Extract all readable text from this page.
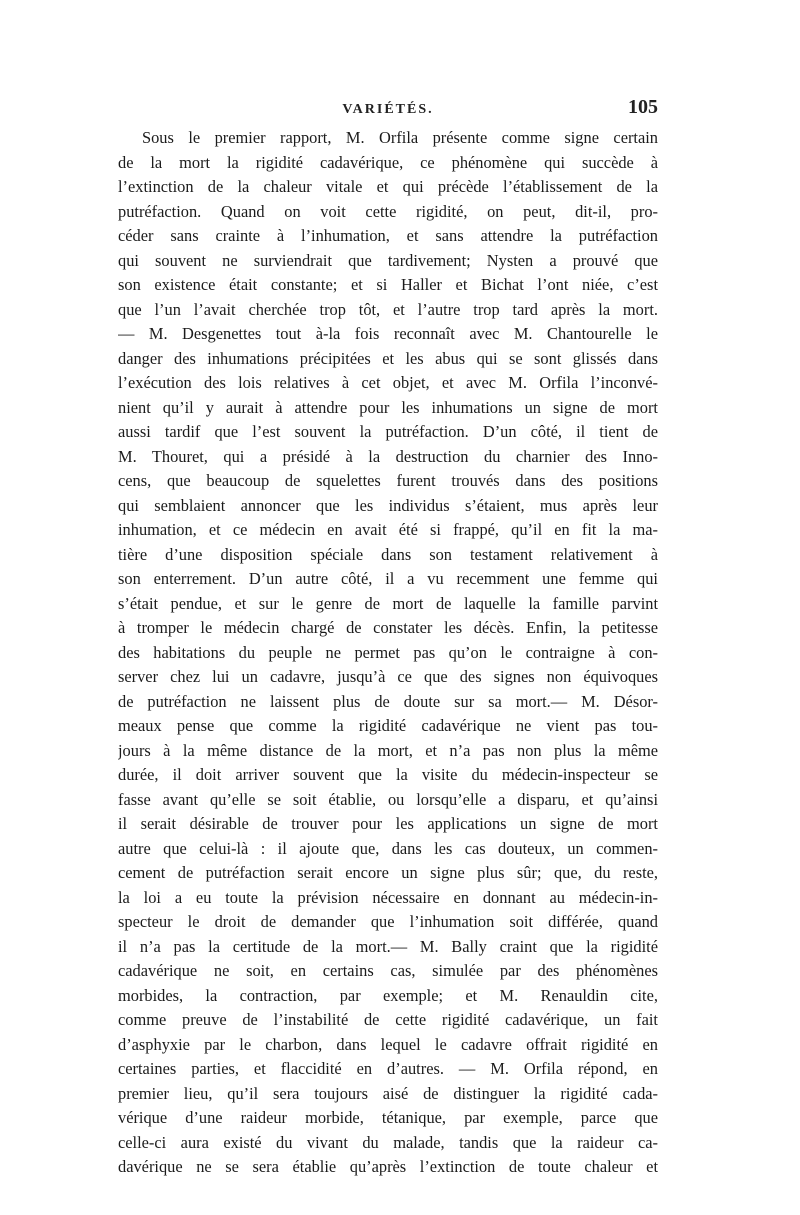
VARIÉTÉS.	105
Sous le premier rapport, M. Orfila présente comme signe certain
de la mort la rigidité cadavérique, ce phénomène qui succède à
l’extinction de la chaleur vitale et qui précède l’établissement de la
putréfaction. Quand on voit cette rigidité, on peut, dit-il, pro-
céder sans crainte à l’inhumation, et sans attendre la putréfaction
qui souvent ne surviendrait que tardivement; Nysten a prouvé que
son existence était constante; et si Haller et Bichat l’ont niée, c’est
que l’un l’avait cherchée trop tôt, et l’autre trop tard après la mort.
— M. Desgenettes tout à-la fois reconnaît avec M. Chantourelle le
danger des inhumations précipitées et les abus qui se sont glissés dans
l’exécution des lois relatives à cet objet, et avec M. Orfila l’inconvé-
nient qu’il y aurait à attendre pour les inhumations un signe de mort
aussi tardif que l’est souvent la putréfaction. D’un côté, il tient de
M. Thouret, qui a présidé à la destruction du charnier des Inno-
cens, que beaucoup de squelettes furent trouvés dans des positions
qui semblaient annoncer que les individus s’étaient, mus après leur
inhumation, et ce médecin en avait été si frappé, qu’il en fit la ma-
tière d’une disposition spéciale dans son testament relativement à
son enterrement. D’un autre côté, il a vu recemment une femme qui
s’était pendue, et sur le genre de mort de laquelle la famille parvint
à tromper le médecin chargé de constater les décès. Enfin, la petitesse
des habitations du peuple ne permet pas qu’on le contraigne à con-
server chez lui un cadavre, jusqu’à ce que des signes non équivoques
de putréfaction ne laissent plus de doute sur sa mort.— M. Désor-
meaux pense que comme la rigidité cadavérique ne vient pas tou-
jours à la même distance de la mort, et n’a pas non plus la même
durée, il doit arriver souvent que la visite du médecin-inspecteur se
fasse avant qu’elle se soit établie, ou lorsqu’elle a disparu, et qu’ainsi
il serait désirable de trouver pour les applications un signe de mort
autre que celui-là : il ajoute que, dans les cas douteux, un commen-
cement de putréfaction serait encore un signe plus sûr; que, du reste,
la loi a eu toute la prévision nécessaire en donnant au médecin-in-
specteur le droit de demander que l’inhumation soit différée, quand
il n’a pas la certitude de la mort.— M. Bally craint que la rigidité
cadavérique ne soit, en certains cas, simulée par des phénomènes
morbides, la contraction, par exemple; et M. Renauldin cite,
comme preuve de l’instabilité de cette rigidité cadavérique, un fait
d’asphyxie par le charbon, dans lequel le cadavre offrait rigidité en
certaines parties, et flaccidité en d’autres. — M. Orfila répond, en
premier lieu, qu’il sera toujours aisé de distinguer la rigidité cada-
vérique d’une raideur morbide, tétanique, par exemple, parce que
celle-ci aura existé du vivant du malade, tandis que la raideur ca-
davérique ne se sera établie qu’après l’extinction de toute chaleur et
